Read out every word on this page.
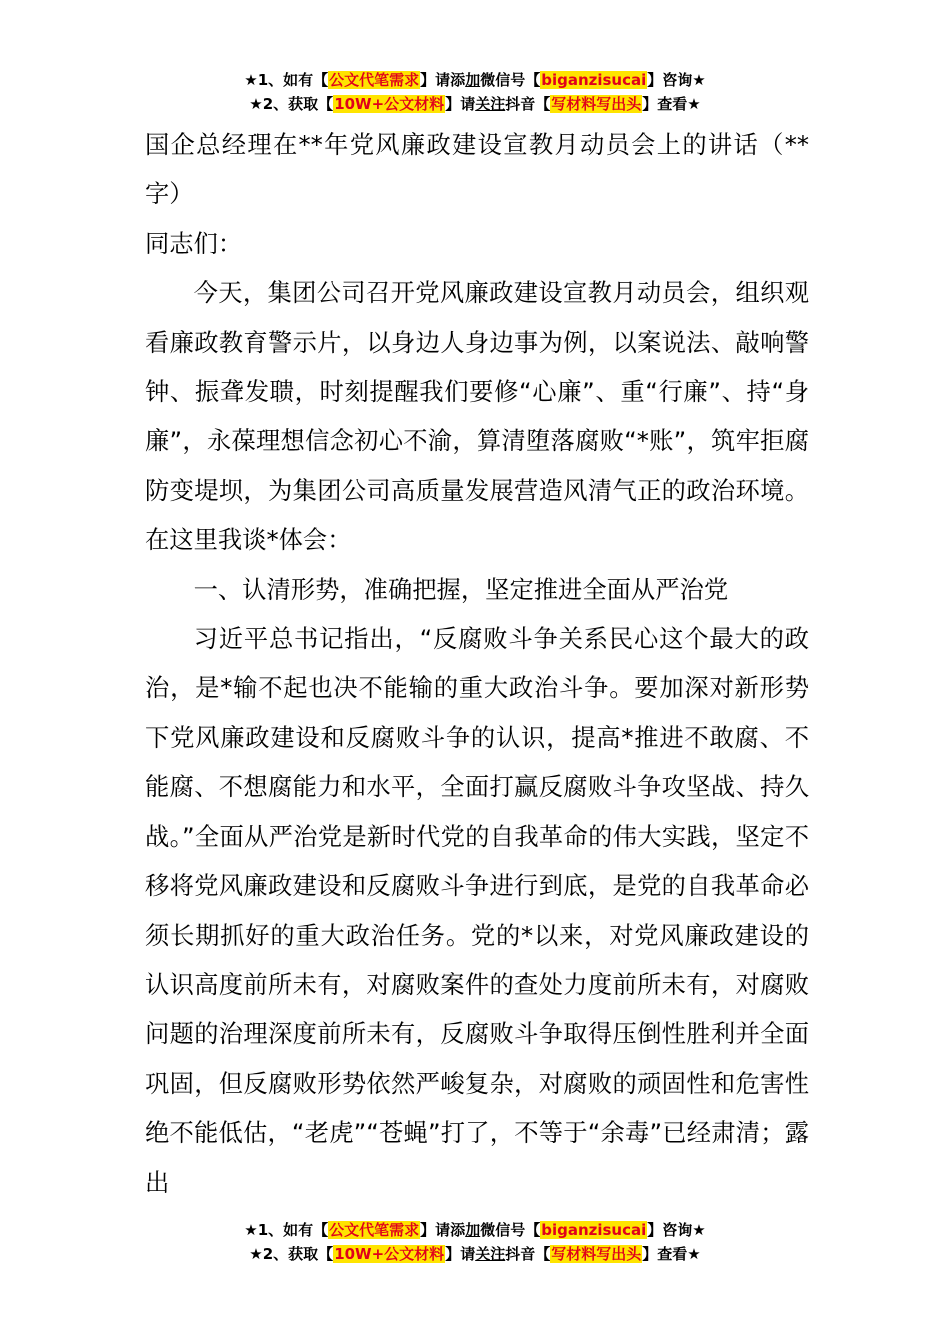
★1、如有【公文代笔需求】请添加微信号【biganzisucai】咨询★
★2、获取【10W+公文材料】请关注抖音【写材料写出头】查看★

国企总经理在**年党风廉政建设宣教月动员会上的讲话（**字）

同志们：

今天，集团公司召开党风廉政建设宣教月动员会，组织观看廉政教育警示片，以身边人身边事为例，以案说法、敲响警钟、振聋发聩，时刻提醒我们要修“心廉”、重“行廉”、持“身廉”，永葆理想信念初心不渝，算清堕落腐败“*账”，筑牢拒腐防变堤坝，为集团公司高质量发展营造风清气正的政治环境。在这里我谈*体会：

一、认清形势，准确把握，坚定推进全面从严治党

习近平总书记指出，“反腐败斗争关系民心这个最大的政治，是*输不起也决不能输的重大政治斗争。要加深对新形势下党风廉政建设和反腐败斗争的认识，提高*推进不敢腐、不能腐、不想腐能力和水平，全面打赢反腐败斗争攻坚战、持久战。”全面从严治党是新时代党的自我革命的伟大实践，坚定不移将党风廉政建设和反腐败斗争进行到底，是党的自我革命必须长期抓好的重大政治任务。党的*以来，对党风廉政建设的认识高度前所未有，对腐败案件的查处力度前所未有，对腐败问题的治理深度前所未有，反腐败斗争取得压倒性胜利并全面巩固，但反腐败形势依然严峻复杂，对腐败的顽固性和危害性绝不能低估，“老虎”“苍蝇”打了，不等于“余毒”已经肃清；露出

★1、如有【公文代笔需求】请添加微信号【biganzisucai】咨询★
★2、获取【10W+公文材料】请关注抖音【写材料写出头】查看★
